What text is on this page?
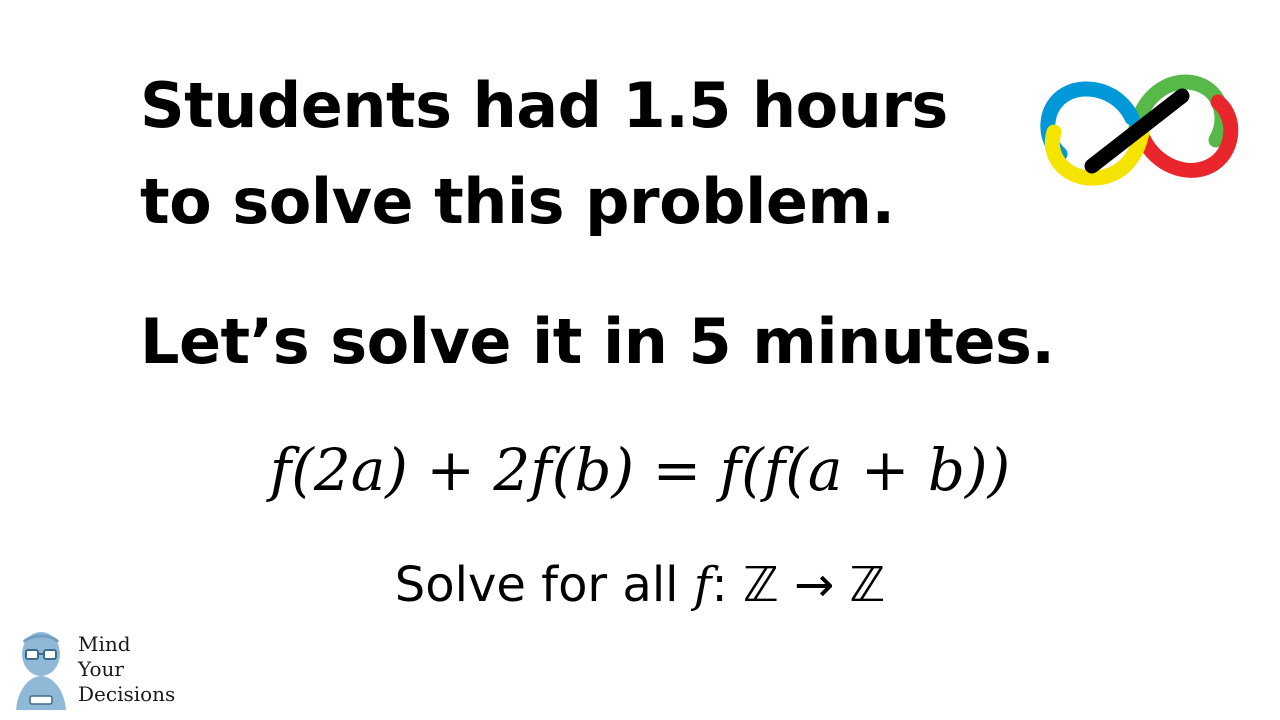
Students had 1.5 hours
to solve this problem.
Let’s solve it in 5 minutes.
f(2a) + 2f(b) = f(f(a + b))
Solve for all f: ℤ → ℤ
Mind
Your
Decisions
